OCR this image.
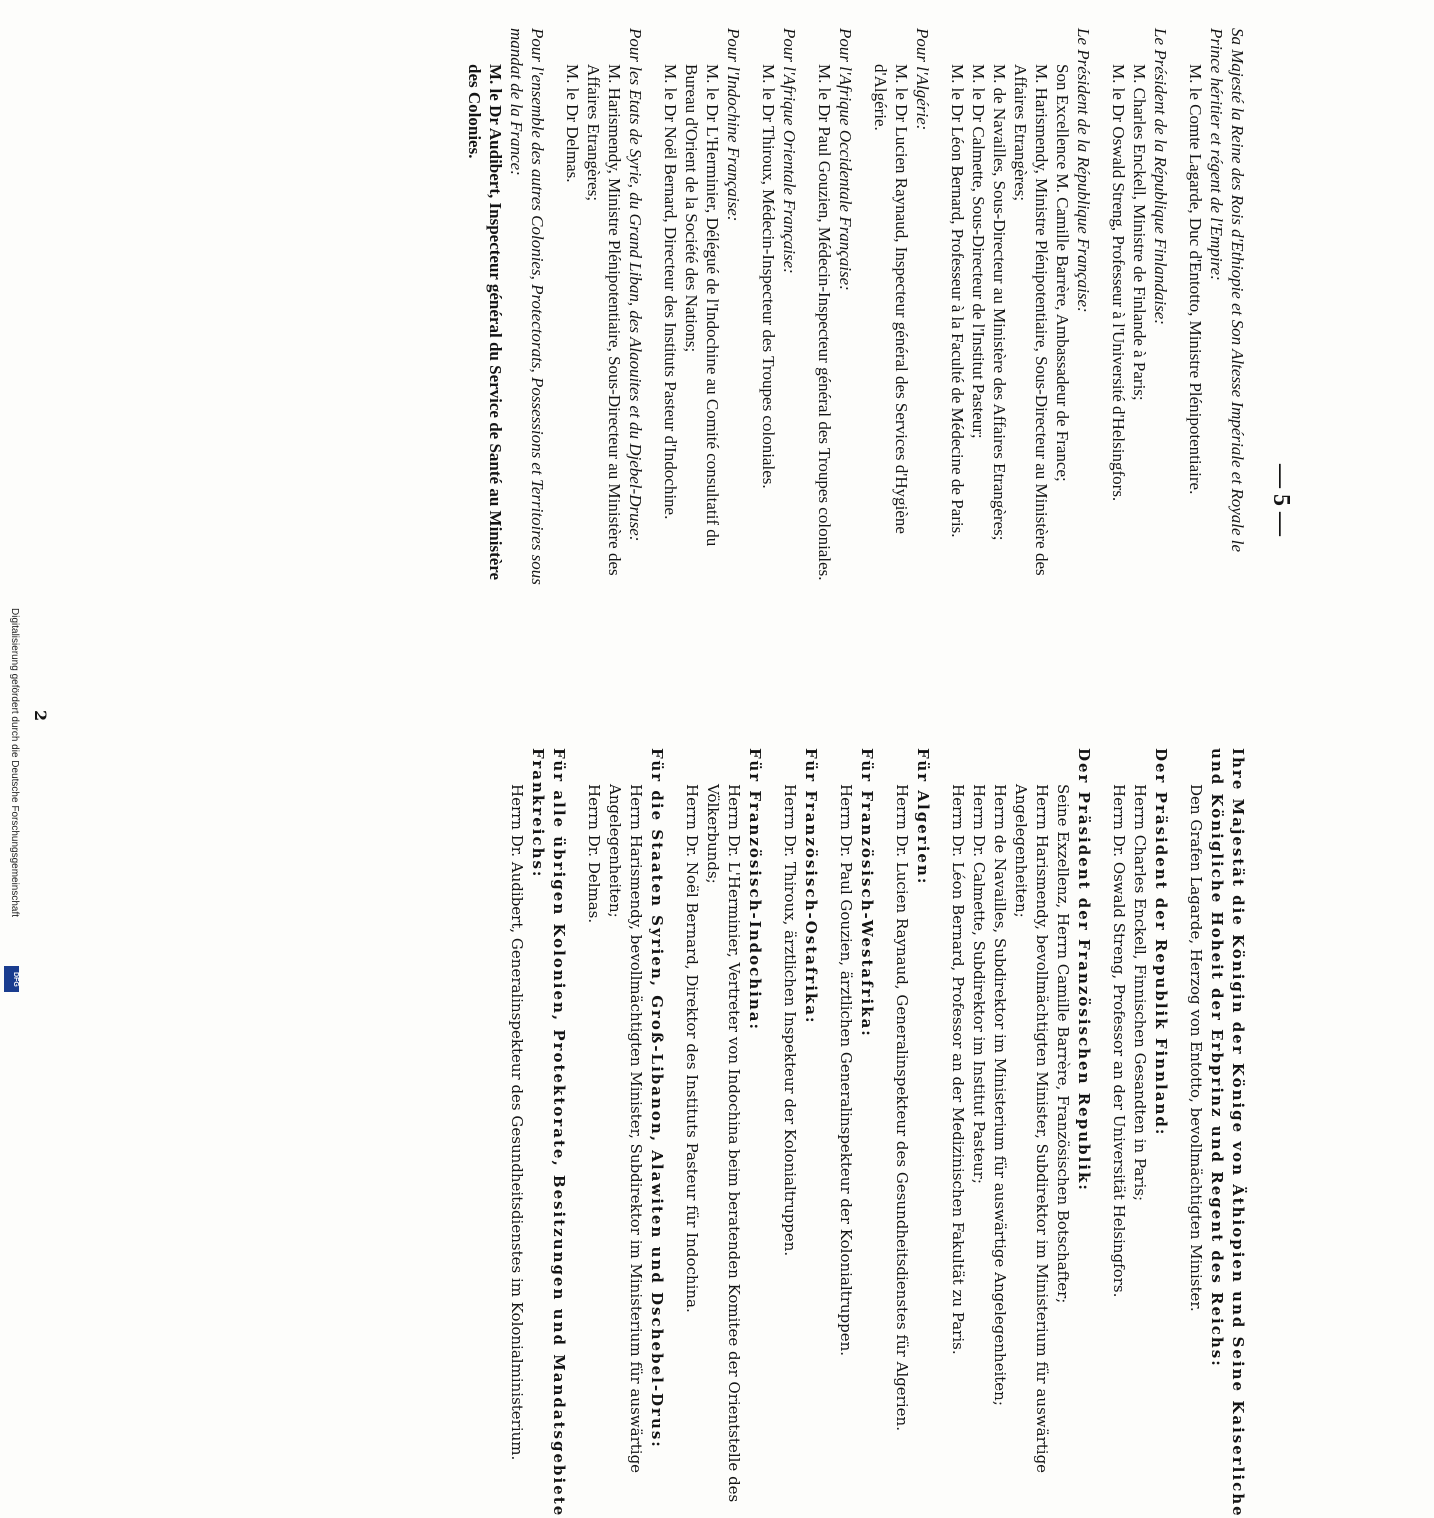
— 5 —
Sa Majesté la Reine des Rois d'Ethiopie et Son Altesse Impériale et Royale le Prince héritier et régent de l'Empire:
M. le Comte Lagarde, Duc d'Entotto, Ministre Plénipotentiaire.
Le Président de la République Finlandaise:
M. Charles Enckell, Ministre de Finlande à Paris;
M. le Dr Oswald Streng, Professeur à l'Université d'Helsingfors.
Le Président de la République Française:
Son Excellence M. Camille Barrère, Ambassadeur de France;
M. Harismendy, Ministre Plénipotentiaire, Sous-Directeur au Ministère des Affaires Etrangères;
M. de Navailles, Sous-Directeur au Ministère des Affaires Etrangères;
M. le Dr Calmette, Sous-Directeur de l'Institut Pasteur;
M. le Dr Léon Bernard, Professeur à la Faculté de Médecine de Paris.
Pour l'Algérie:
M. le Dr Lucien Raynaud, Inspecteur général des Services d'Hygiène d'Algérie.
Pour l'Afrique Occidentale Française:
M. le Dr Paul Gouzien, Médecin-Inspecteur général des Troupes coloniales.
Pour l'Afrique Orientale Française:
M. le Dr Thiroux, Médecin-Inspecteur des Troupes coloniales.
Pour l'Indochine Française:
M. le Dr L'Herminier, Délégué de l'Indochine au Comité consultatif du Bureau d'Orient de la Société des Nations;
M. le Dr Noël Bernard, Directeur des Instituts Pasteur d'Indochine.
Pour les Etats de Syrie, du Grand Liban, des Alaouites et du Djebel-Druse:
M. Harismendy, Ministre Plénipotentiaire, Sous-Directeur au Ministère des Affaires Etrangères;
M. le Dr Delmas.
Pour l'ensemble des autres Colonies, Protectorats, Possessions et Territoires sous mandat de la France:
M. le Dr Audibert, Inspecteur général du Service de Santé au Ministère des Colonies.
Ihre Majestät die Königin der Könige von Äthiopien und Seine Kaiserliche und Königliche Hoheit der Erbprinz und Regent des Reichs:
Den Grafen Lagarde, Herzog von Entotto, bevollmächtigten Minister.
Der Präsident der Republik Finnland:
Herrn Charles Enckell, Finnischen Gesandten in Paris;
Herrn Dr. Oswald Streng, Professor an der Universität Helsingfors.
Der Präsident der Französischen Republik:
Seine Exzellenz, Herrn Camille Barrère, Französischen Botschafter;
Herrn Harismendy, bevollmächtigten Minister, Subdirektor im Ministerium für auswärtige Angelegenheiten;
Herrn de Navailles, Subdirektor im Ministerium für auswärtige Angelegenheiten;
Herrn Dr. Calmette, Subdirektor im Institut Pasteur;
Herrn Dr. Léon Bernard, Professor an der Medizinischen Fakultät zu Paris.
Für Algerien:
Herrn Dr. Lucien Raynaud, Generalinspekteur des Gesundheitsdienstes für Algerien.
Für Französisch-Westafrika:
Herrn Dr. Paul Gouzien, ärztlichen Generalinspekteur der Kolonialtruppen.
Für Französisch-Ostafrika:
Herrn Dr. Thiroux, ärztlichen Inspekteur der Kolonialtruppen.
Für Französisch-Indochina:
Herrn Dr. L'Herminier, Vertreter von Indochina beim beratenden Komitee der Orientstelle des Völkerbunds;
Herrn Dr. Noël Bernard, Direktor des Instituts Pasteur für Indochina.
Für die Staaten Syrien, Groß-Libanon, Alawiten und Dschebel-Drus:
Herrn Harismendy, bevollmächtigten Minister, Subdirektor im Ministerium für auswärtige Angelegenheiten;
Herrn Dr. Delmas.
Für alle übrigen Kolonien, Protektorate, Besitzungen und Mandatsgebiete Frankreichs:
Herrn Dr. Audibert, Generalinspekteur des Gesundheitsdienstes im Kolonialministerium.
2
Digitalisierung gefördert durch die Deutsche Forschungsgemeinschaft
DFG
